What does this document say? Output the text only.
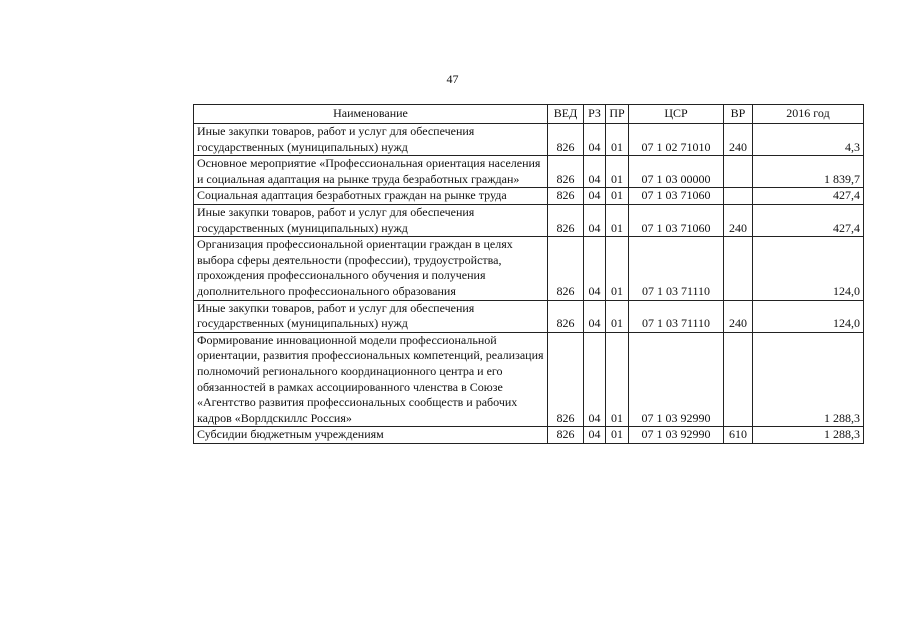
47
Наименование	ВЕД	РЗ	ПР	ЦСР	ВР	2016 год
Иные закупки товаров, работ и услуг для обеспечения государственных (муниципальных) нужд	826	04	01	07 1 02 71010	240	4,3
Основное мероприятие «Профессиональная ориентация населения и социальная адаптация на рынке труда безработных граждан»	826	04	01	07 1 03 00000		1 839,7
Социальная адаптация безработных граждан на рынке труда	826	04	01	07 1 03 71060		427,4
Иные закупки товаров, работ и услуг для обеспечения государственных (муниципальных) нужд	826	04	01	07 1 03 71060	240	427,4
Организация профессиональной ориентации граждан в целях выбора сферы деятельности (профессии), трудоустройства, прохождения профессионального обучения и получения дополнительного профессионального образования	826	04	01	07 1 03 71110		124,0
Иные закупки товаров, работ и услуг для обеспечения государственных (муниципальных) нужд	826	04	01	07 1 03 71110	240	124,0
Формирование инновационной модели профессиональной ориентации, развития профессиональных компетенций, реализация полномочий регионального координационного центра и его обязанностей в рамках ассоциированного членства в Союзе «Агентство развития профессиональных сообществ и рабочих кадров «Ворлдскиллс Россия»	826	04	01	07 1 03 92990		1 288,3
Субсидии бюджетным учреждениям	826	04	01	07 1 03 92990	610	1 288,3
